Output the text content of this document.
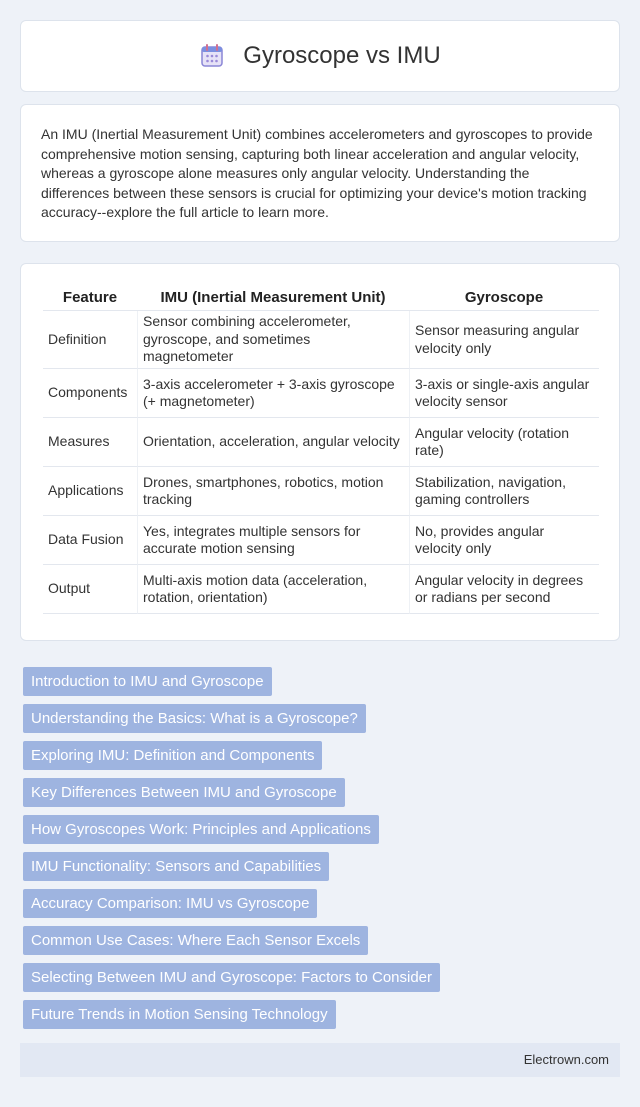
Gyroscope vs IMU

An IMU (Inertial Measurement Unit) combines accelerometers and gyroscopes to provide comprehensive motion sensing, capturing both linear acceleration and angular velocity, whereas a gyroscope alone measures only angular velocity. Understanding the differences between these sensors is crucial for optimizing your device's motion tracking accuracy--explore the full article to learn more.

Feature	IMU (Inertial Measurement Unit)	Gyroscope
Definition	Sensor combining accelerometer, gyroscope, and sometimes magnetometer	Sensor measuring angular velocity only
Components	3-axis accelerometer + 3-axis gyroscope (+ magnetometer)	3-axis or single-axis angular velocity sensor
Measures	Orientation, acceleration, angular velocity	Angular velocity (rotation rate)
Applications	Drones, smartphones, robotics, motion tracking	Stabilization, navigation, gaming controllers
Data Fusion	Yes, integrates multiple sensors for accurate motion sensing	No, provides angular velocity only
Output	Multi-axis motion data (acceleration, rotation, orientation)	Angular velocity in degrees or radians per second
Introduction to IMU and Gyroscope
Understanding the Basics: What is a Gyroscope?
Exploring IMU: Definition and Components
Key Differences Between IMU and Gyroscope
How Gyroscopes Work: Principles and Applications
IMU Functionality: Sensors and Capabilities
Accuracy Comparison: IMU vs Gyroscope
Common Use Cases: Where Each Sensor Excels
Selecting Between IMU and Gyroscope: Factors to Consider
Future Trends in Motion Sensing Technology
Electrown.com
